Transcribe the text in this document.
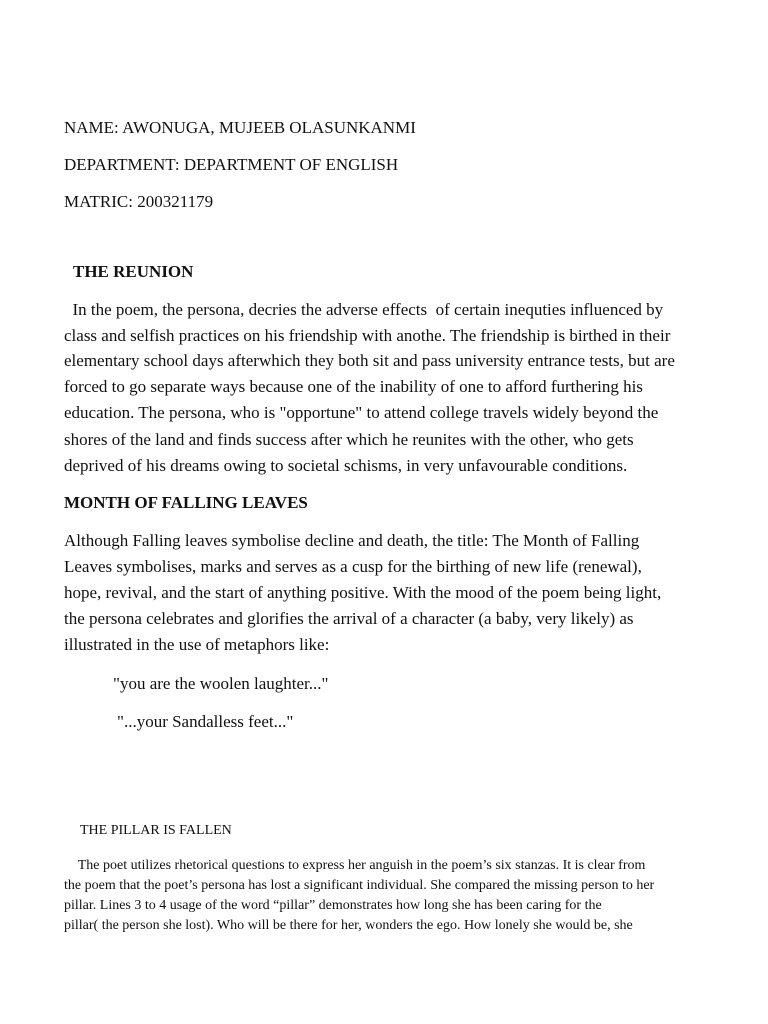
NAME: AWONUGA, MUJEEB OLASUNKANMI
DEPARTMENT: DEPARTMENT OF ENGLISH
MATRIC: 200321179
THE REUNION
In the poem, the persona, decries the adverse effects  of certain inequties influenced by
class and selfish practices on his friendship with anothe. The friendship is birthed in their
elementary school days afterwhich they both sit and pass university entrance tests, but are
forced to go separate ways because one of the inability of one to afford furthering his
education. The persona, who is "opportune" to attend college travels widely beyond the
shores of the land and finds success after which he reunites with the other, who gets
deprived of his dreams owing to societal schisms, in very unfavourable conditions.
MONTH OF FALLING LEAVES
Although Falling leaves symbolise decline and death, the title: The Month of Falling
Leaves symbolises, marks and serves as a cusp for the birthing of new life (renewal),
hope, revival, and the start of anything positive. With the mood of the poem being light,
the persona celebrates and glorifies the arrival of a character (a baby, very likely) as
illustrated in the use of metaphors like:
"you are the woolen laughter..."
"...your Sandalless feet..."
THE PILLAR IS FALLEN
The poet utilizes rhetorical questions to express her anguish in the poem’s six stanzas. It is clear from
the poem that the poet’s persona has lost a significant individual. She compared the missing person to her
pillar. Lines 3 to 4 usage of the word “pillar” demonstrates how long she has been caring for the
pillar( the person she lost). Who will be there for her, wonders the ego. How lonely she would be, she
